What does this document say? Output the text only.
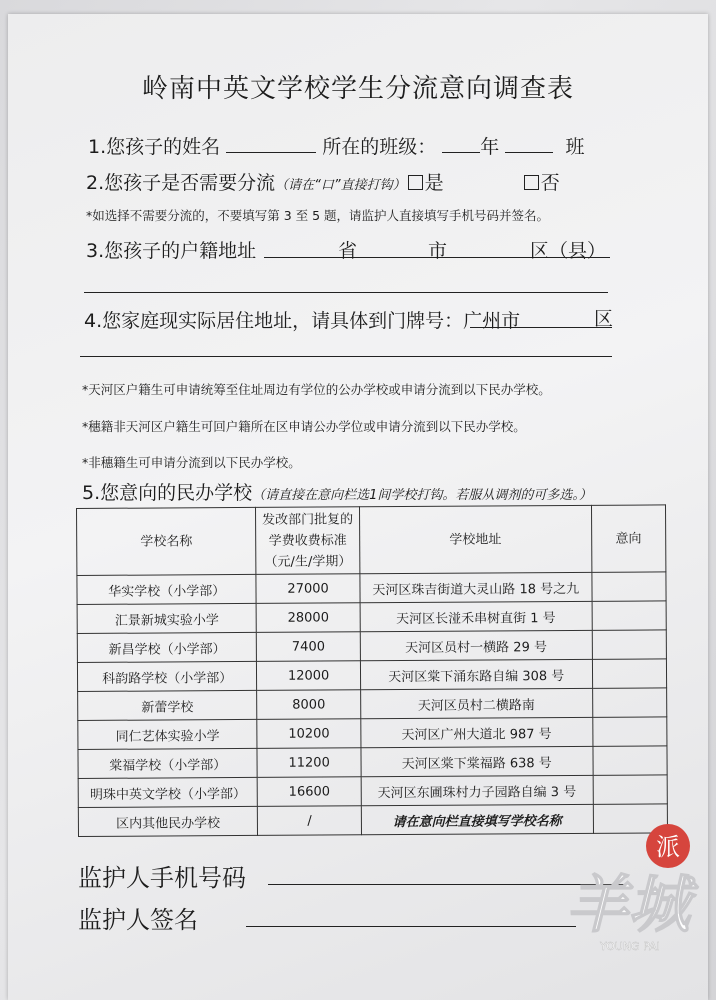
岭南中英文学校学生分流意向调查表
1.您孩子的姓名	所在的班级： 年	班
2.您孩子是否需要分流（请在“口”直接打钩） 是	否
*如选择不需要分流的，不要填写第 3 至 5 题，请监护人直接填写手机号码并签名。
3.您孩子的户籍地址	省	市	区（县）
4.您家庭现实际居住地址，请具体到门牌号：广州市	区
*天河区户籍生可申请统筹至住址周边有学位的公办学校或申请分流到以下民办学校。
*穗籍非天河区户籍生可回户籍所在区申请公办学位或申请分流到以下民办学校。
*非穗籍生可申请分流到以下民办学校。
5.您意向的民办学校（请直接在意向栏选1间学校打钩。若服从调剂的可多选。）
学校名称	发改部门批复的
学费收费标准
（元/生/学期）	学校地址	意向
华实学校（小学部）	27000	天河区珠吉街道大灵山路 18 号之九	
汇景新城实验小学	28000	天河区长湴禾串树直街 1 号	
新昌学校（小学部）	7400	天河区员村一横路 29 号	
科韵路学校（小学部）	12000	天河区棠下涌东路自编 308 号	
新蕾学校	8000	天河区员村二横路南	
同仁艺体实验小学	10200	天河区广州大道北 987 号	
棠福学校（小学部）	11200	天河区棠下棠福路 638 号	
明珠中英文学校（小学部）	16600	天河区东圃珠村力子园路自编 3 号	
区内其他民办学校	/	请在意向栏直接填写学校名称	
监护人手机号码
监护人签名
派
羊城
YOUNG PAI
